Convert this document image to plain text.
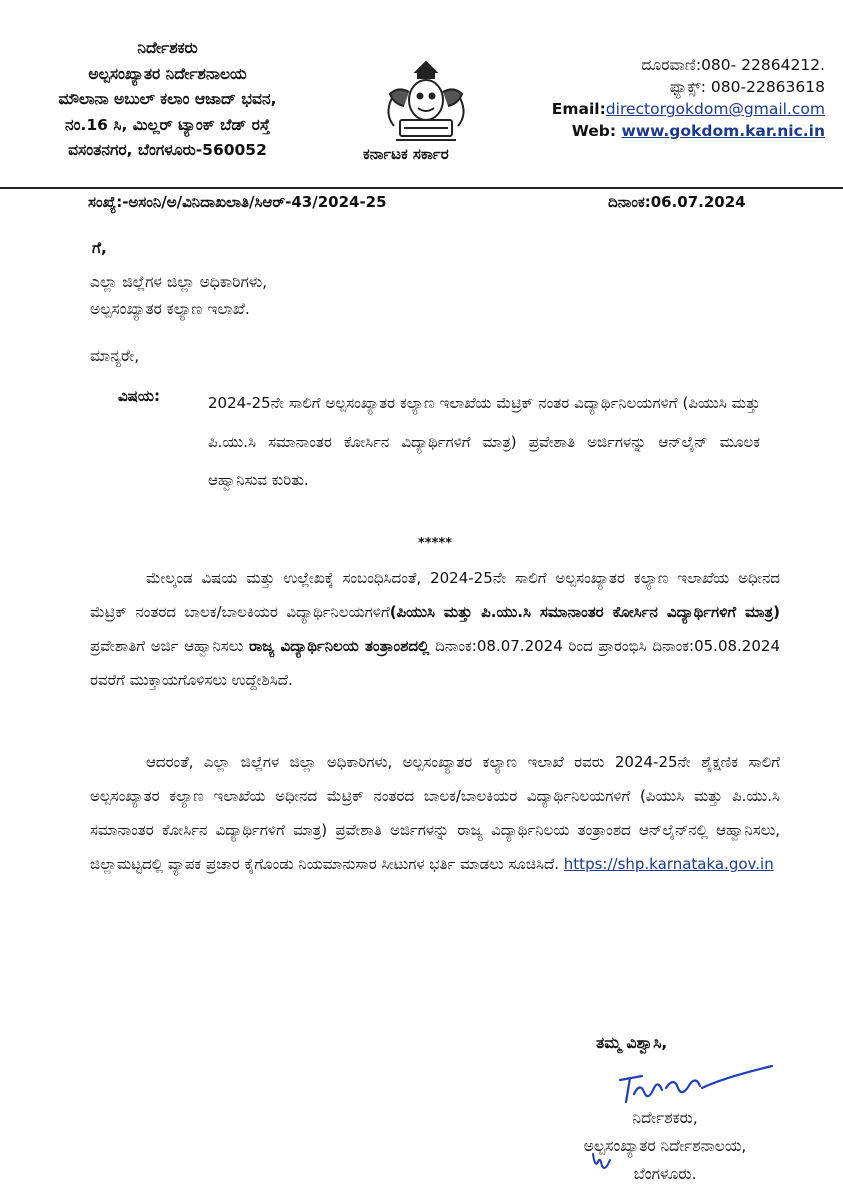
ನಿರ್ದೇಶಕರು
ಅಲ್ಪಸಂಖ್ಯಾತರ ನಿರ್ದೇಶನಾಲಯ
ಮೌಲಾನಾ ಅಬುಲ್ ಕಲಾಂ ಆಜಾದ್ ಭವನ,
ನಂ.16 ಸಿ, ಮಿಲ್ಲರ್ ಟ್ಯಾಂಕ್ ಬೆಡ್ ರಸ್ತೆ
ವಸಂತನಗರ, ಬೆಂಗಳೂರು-560052	ಕರ್ನಾಟಕ ಸರ್ಕಾರ
ದೂರವಾಣಿ:080- 22864212.
ಫ್ಯಾಕ್ಸ್: 080-22863618
Email:directorgokdom@gmail.com
Web: www.gokdom.kar.nic.in
ಸಂಖ್ಯೆ:-ಅಸಂನಿ/ಅ/ವಿನಿದಾಖಲಾತಿ/ಸಿಆರ್-43/2024-25	ದಿನಾಂಕ:06.07.2024
ಗೆ,
ಎಲ್ಲಾ ಜಿಲ್ಲೆಗಳ ಜಿಲ್ಲಾ ಅಧಿಕಾರಿಗಳು,
ಅಲ್ಪಸಂಖ್ಯಾತರ ಕಲ್ಯಾಣ ಇಲಾಖೆ.
ಮಾನ್ಯರೇ,
ವಿಷಯ:	2024-25ನೇ ಸಾಲಿಗೆ ಅಲ್ಪಸಂಖ್ಯಾತರ ಕಲ್ಯಾಣ ಇಲಾಖೆಯ ಮೆಟ್ರಿಕ್ ನಂತರ ವಿದ್ಯಾರ್ಥಿನಿಲಯಗಳಿಗೆ (ಪಿಯುಸಿ ಮತ್ತು ಪಿ.ಯು.ಸಿ ಸಮಾನಾಂತರ ಕೋರ್ಸಿನ ವಿದ್ಯಾರ್ಥಿಗಳಿಗೆ ಮಾತ್ರ) ಪ್ರವೇಶಾತಿ ಅರ್ಜಿಗಳನ್ನು ಆನ್‌ಲೈನ್ ಮೂಲಕ ಆಹ್ವಾನಿಸುವ ಕುರಿತು.
*****
ಮೇಲ್ಕಂಡ ವಿಷಯ ಮತ್ತು ಉಲ್ಲೇಖಕ್ಕೆ ಸಂಬಂಧಿಸಿದಂತೆ, 2024-25ನೇ ಸಾಲಿಗೆ ಅಲ್ಪಸಂಖ್ಯಾತರ ಕಲ್ಯಾಣ ಇಲಾಖೆಯ ಅಧೀನದ ಮೆಟ್ರಿಕ್ ನಂತರದ ಬಾಲಕ/ಬಾಲಕಿಯರ ವಿದ್ಯಾರ್ಥಿನಿಲಯಗಳಿಗೆ(ಪಿಯುಸಿ ಮತ್ತು ಪಿ.ಯು.ಸಿ ಸಮಾನಾಂತರ ಕೋರ್ಸಿನ ವಿದ್ಯಾರ್ಥಿಗಳಿಗೆ ಮಾತ್ರ) ಪ್ರವೇಶಾತಿಗೆ ಅರ್ಜಿ ಆಹ್ವಾನಿಸಲು ರಾಜ್ಯ ವಿದ್ಯಾರ್ಥಿನಿಲಯ ತಂತ್ರಾಂಶದಲ್ಲಿ ದಿನಾಂಕ:08.07.2024 ರಿಂದ ಪ್ರಾರಂಭಿಸಿ ದಿನಾಂಕ:05.08.2024 ರವರೆಗೆ ಮುಕ್ತಾಯಗೊಳಿಸಲು ಉದ್ದೇಶಿಸಿದೆ.
ಆದರಂತೆ, ಎಲ್ಲಾ ಜಿಲ್ಲೆಗಳ ಜಿಲ್ಲಾ ಅಧಿಕಾರಿಗಳು, ಅಲ್ಪಸಂಖ್ಯಾತರ ಕಲ್ಯಾಣ ಇಲಾಖೆ ರವರು 2024-25ನೇ ಶೈಕ್ಷಣಿಕ ಸಾಲಿಗೆ ಅಲ್ಪಸಂಖ್ಯಾತರ ಕಲ್ಯಾಣ ಇಲಾಖೆಯ ಅಧೀನದ ಮೆಟ್ರಿಕ್ ನಂತರದ ಬಾಲಕ/ಬಾಲಕಿಯರ ವಿದ್ಯಾರ್ಥಿನಿಲಯಗಳಿಗೆ (ಪಿಯುಸಿ ಮತ್ತು ಪಿ.ಯು.ಸಿ ಸಮಾನಾಂತರ ಕೋರ್ಸಿನ ವಿದ್ಯಾರ್ಥಿಗಳಿಗೆ ಮಾತ್ರ) ಪ್ರವೇಶಾತಿ ಅರ್ಜಿಗಳನ್ನು ರಾಜ್ಯ ವಿದ್ಯಾರ್ಥಿನಿಲಯ ತಂತ್ರಾಂಶದ ಆನ್‌ಲೈನ್‌ನಲ್ಲಿ ಆಹ್ವಾನಿಸಲು, ಜಿಲ್ಲಾಮಟ್ಟದಲ್ಲಿ ವ್ಯಾಪಕ ಪ್ರಚಾರ ಕೈಗೊಂಡು ನಿಯಮಾನುಸಾರ ಸೀಟುಗಳ ಭರ್ತಿ ಮಾಡಲು ಸೂಚಿಸಿದೆ. https://shp.karnataka.gov.in
ತಮ್ಮ ವಿಶ್ವಾಸಿ,
ನಿರ್ದೇಶಕರು,
ಅಲ್ಪಸಂಖ್ಯಾತರ ನಿರ್ದೇಶನಾಲಯ,
ಬೆಂಗಳೂರು.
